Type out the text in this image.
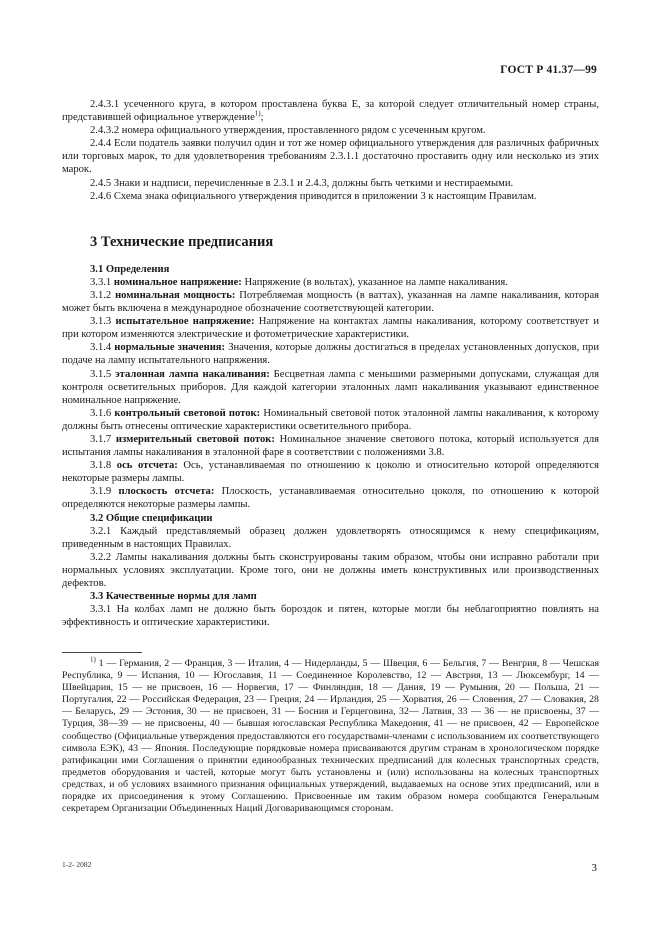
ГОСТ Р 41.37—99

2.4.3.1 усеченного круга, в котором проставлена буква Е, за которой следует отличительный номер страны, представившей официальное утверждение$^{1)}$;

2.4.3.2 номера официального утверждения, проставленного рядом с усеченным кругом.

2.4.4 Если податель заявки получил один и тот же номер официального утверждения для различных фабричных или торговых марок, то для удовлетворения требованиям 2.3.1.1 достаточно проставить одну или несколько из этих марок.

2.4.5 Знаки и надписи, перечисленные в 2.3.1 и 2.4.3, должны быть четкими и нестираемыми.

2.4.6 Схема знака официального утверждения приводится в приложении 3 к настоящим Правилам.

3 Технические предписания

3.1 Определения

3.3.1 номинальное напряжение: Напряжение (в вольтах), указанное на лампе накаливания.

3.1.2 номинальная мощность: Потребляемая мощность (в ваттах), указанная на лампе накаливания, которая может быть включена в международное обозначение соответствующей категории.

3.1.3 испытательное напряжение: Напряжение на контактах лампы накаливания, которому соответствует и при котором изменяются электрические и фотометрические характеристики.

3.1.4 нормальные значения: Значения, которые должны достигаться в пределах установленных допусков, при подаче на лампу испытательного напряжения.

3.1.5 эталонная лампа накаливания: Бесцветная лампа с меньшими размерными допусками, служащая для контроля осветительных приборов. Для каждой категории эталонных ламп накаливания указывают единственное номинальное напряжение.

3.1.6 контрольный световой поток: Номинальный световой поток эталонной лампы накаливания, к которому должны быть отнесены оптические характеристики осветительного прибора.

3.1.7 измерительный световой поток: Номинальное значение светового потока, который используется для испытания лампы накаливания в эталонной фаре в соответствии с положениями 3.8.

3.1.8 ось отсчета: Ось, устанавливаемая по отношению к цоколю и относительно которой определяются некоторые размеры лампы.

3.1.9 плоскость отсчета: Плоскость, устанавливаемая относительно цоколя, по отношению к которой определяются некоторые размеры лампы.

3.2 Общие спецификации

3.2.1 Каждый представляемый образец должен удовлетворять относящимся к нему спецификациям, приведенным в настоящих Правилах.

3.2.2 Лампы накаливания должны быть сконструированы таким образом, чтобы они исправно работали при нормальных условиях эксплуатации. Кроме того, они не должны иметь конструктивных или производственных дефектов.

3.3 Качественные нормы для ламп

3.3.1 На колбах ламп не должно быть бороздок и пятен, которые могли бы неблагоприятно повлиять на эффективность и оптические характеристики.

$^{1)}$ 1 — Германия, 2 — Франция, 3 — Италия, 4 — Нидерланды, 5 — Швеция, 6 — Бельгия, 7 — Венгрия, 8 — Чешская Республика, 9 — Испания, 10 — Югославия, 11 — Соединенное Королевство, 12 — Австрия, 13 — Люксембург, 14 — Швейцария, 15 — не присвоен, 16 — Норвегия, 17 — Финляндия, 18 — Дания, 19 — Румыния, 20 — Польша, 21 — Португалия, 22 — Российская Федерация, 23 — Греция, 24 — Ирландия, 25 — Хорватия, 26 — Словения, 27 — Словакия, 28 — Беларусь, 29 — Эстония, 30 — не присвоен, 31 — Босния и Герцеговина, 32— Латвия, 33 — 36 — не присвоены, 37 — Турция, 38—39 — не присвоены, 40 — бывшая югославская Республика Македония, 41 — не присвоен, 42 — Европейское сообщество (Официальные утверждения предоставляются его государствами-членами с использованием их соответствующего символа ЕЭК), 43 — Япония. Последующие порядковые номера присваиваются другим странам в хронологическом порядке ратификации ими Соглашения о принятии единообразных технических предписаний для колесных транспортных средств, предметов оборудования и частей, которые могут быть установлены и (или) использованы на колесных транспортных средствах, и об условиях взаимного признания официальных утверждений, выдаваемых на основе этих предписаний, или в порядке их присоединения к этому Соглашению. Присвоенные им таким образом номера сообщаются Генеральным секретарем Организации Объединенных Наций Договаривающимся сторонам.

1-2- 2082	3
